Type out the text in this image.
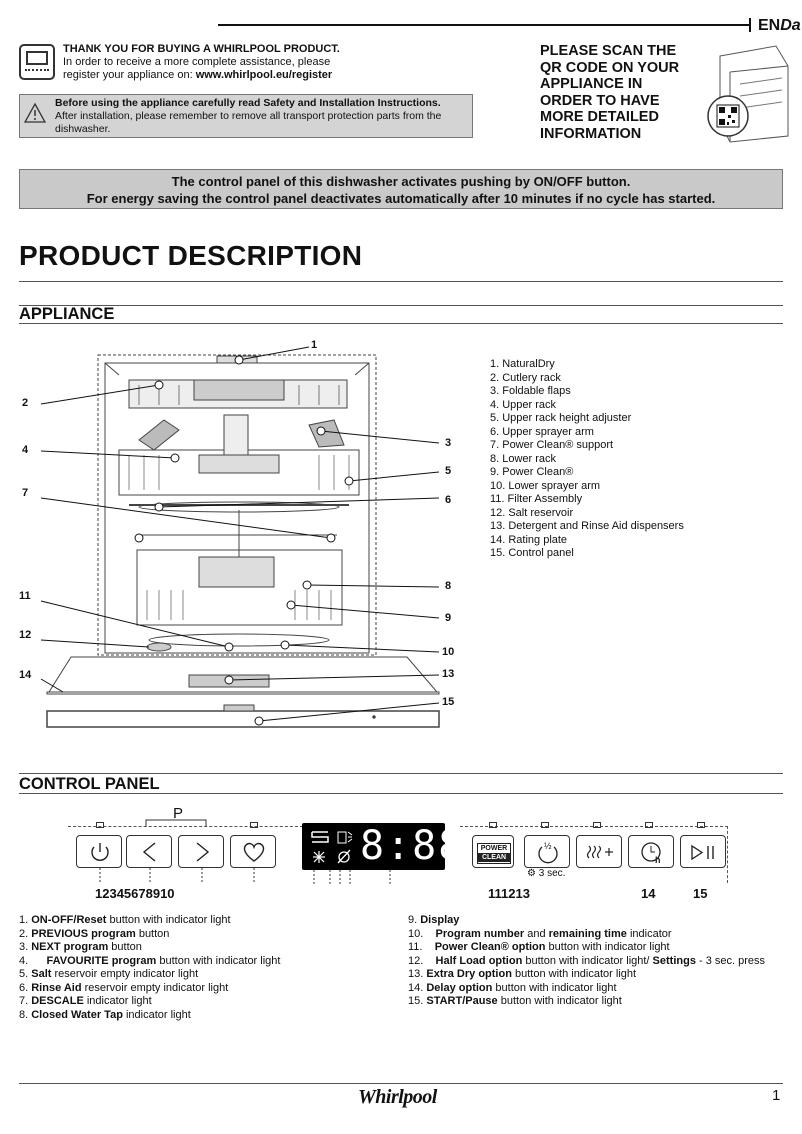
ENDa
THANK YOU FOR BUYING A WHIRLPOOL PRODUCT.
In order to receive a more complete assistance, please
register your appliance on: www.whirlpool.eu/register
Before using the appliance carefully read Safety and Installation Instructions.
After installation, please remember to remove all transport protection parts from the dishwasher.
PLEASE SCAN THE QR CODE ON YOUR APPLIANCE IN ORDER TO HAVE MORE DETAILED INFORMATION
The control panel of this dishwasher activates pushing by ON/OFF button.
For energy saving the control panel deactivates automatically after 10 minutes if no cycle has started.
PRODUCT DESCRIPTION
APPLIANCE
1
2
3
4
5
6
7
8
9
10
11
12
13
14
15
1. NaturalDry
2. Cutlery rack
3. Foldable flaps
4. Upper rack
5. Upper rack height adjuster
6. Upper sprayer arm
7. Power Clean® support
8. Lower rack
9. Power Clean®
10. Lower sprayer arm
11. Filter Assembly
12. Salt reservoir
13. Detergent and Rinse Aid dispensers
14. Rating plate
15. Control panel
CONTROL PANEL
P
8:88	POWER
CLEAN
½
h
⚙ 3 sec.
12345678910	111213	14	15
1. ON-OFF/Reset button with indicator light
2. PREVIOUS program button
3. NEXT program button
4.      FAVOURITE program button with indicator light
5. Salt reservoir empty indicator light
6. Rinse Aid reservoir empty indicator light
7. DESCALE indicator light
8. Closed Water Tap indicator light
9. Display
10.    Program number and remaining time indicator
11.    Power Clean® option button with indicator light
12.    Half Load option button with indicator light/ Settings - 3 sec. press
13. Extra Dry option button with indicator light
14. Delay option button with indicator light
15. START/Pause button with indicator light
Whirlpool	1
